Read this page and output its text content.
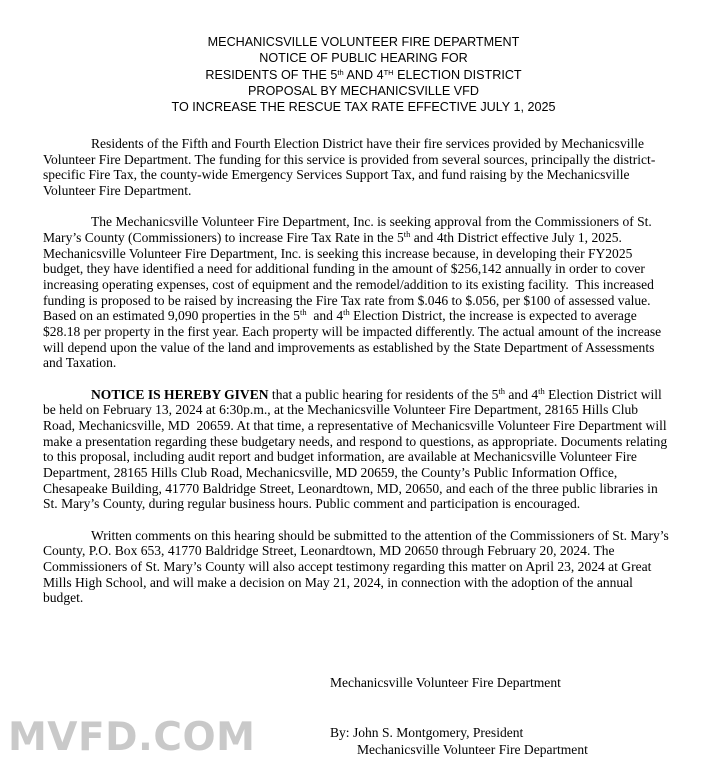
MECHANICSVILLE VOLUNTEER FIRE DEPARTMENT
NOTICE OF PUBLIC HEARING FOR
RESIDENTS OF THE 5th AND 4TH ELECTION DISTRICT
PROPOSAL BY MECHANICSVILLE VFD
TO INCREASE THE RESCUE TAX RATE EFFECTIVE JULY 1, 2025

Residents of the Fifth and Fourth Election District have their fire services provided by Mechanicsville Volunteer Fire Department. The funding for this service is provided from several sources, principally the district-specific Fire Tax, the county-wide Emergency Services Support Tax, and fund raising by the Mechanicsville Volunteer Fire Department.

The Mechanicsville Volunteer Fire Department, Inc. is seeking approval from the Commissioners of St. Mary’s County (Commissioners) to increase Fire Tax Rate in the 5th and 4th District effective July 1, 2025. Mechanicsville Volunteer Fire Department, Inc. is seeking this increase because, in developing their FY2025 budget, they have identified a need for additional funding in the amount of $256,142 annually in order to cover increasing operating expenses, cost of equipment and the remodel/addition to its existing facility.  This increased funding is proposed to be raised by increasing the Fire Tax rate from $.046 to $.056, per $100 of assessed value. Based on an estimated 9,090 properties in the 5th  and 4th Election District, the increase is expected to average $28.18 per property in the first year. Each property will be impacted differently. The actual amount of the increase will depend upon the value of the land and improvements as established by the State Department of Assessments and Taxation.

NOTICE IS HEREBY GIVEN that a public hearing for residents of the 5th and 4th Election District will be held on February 13, 2024 at 6:30p.m., at the Mechanicsville Volunteer Fire Department, 28165 Hills Club Road, Mechanicsville, MD  20659. At that time, a representative of Mechanicsville Volunteer Fire Department will make a presentation regarding these budgetary needs, and respond to questions, as appropriate. Documents relating to this proposal, including audit report and budget information, are available at Mechanicsville Volunteer Fire Department, 28165 Hills Club Road, Mechanicsville, MD 20659, the County’s Public Information Office, Chesapeake Building, 41770 Baldridge Street, Leonardtown, MD, 20650, and each of the three public libraries in St. Mary’s County, during regular business hours. Public comment and participation is encouraged.

Written comments on this hearing should be submitted to the attention of the Commissioners of St. Mary’s County, P.O. Box 653, 41770 Baldridge Street, Leonardtown, MD 20650 through February 20, 2024. The Commissioners of St. Mary’s County will also accept testimony regarding this matter on April 23, 2024 at Great Mills High School, and will make a decision on May 21, 2024, in connection with the adoption of the annual budget.

Mechanicsville Volunteer Fire Department
By: John S. Montgomery, President
Mechanicsville Volunteer Fire Department
MVFD.COM
